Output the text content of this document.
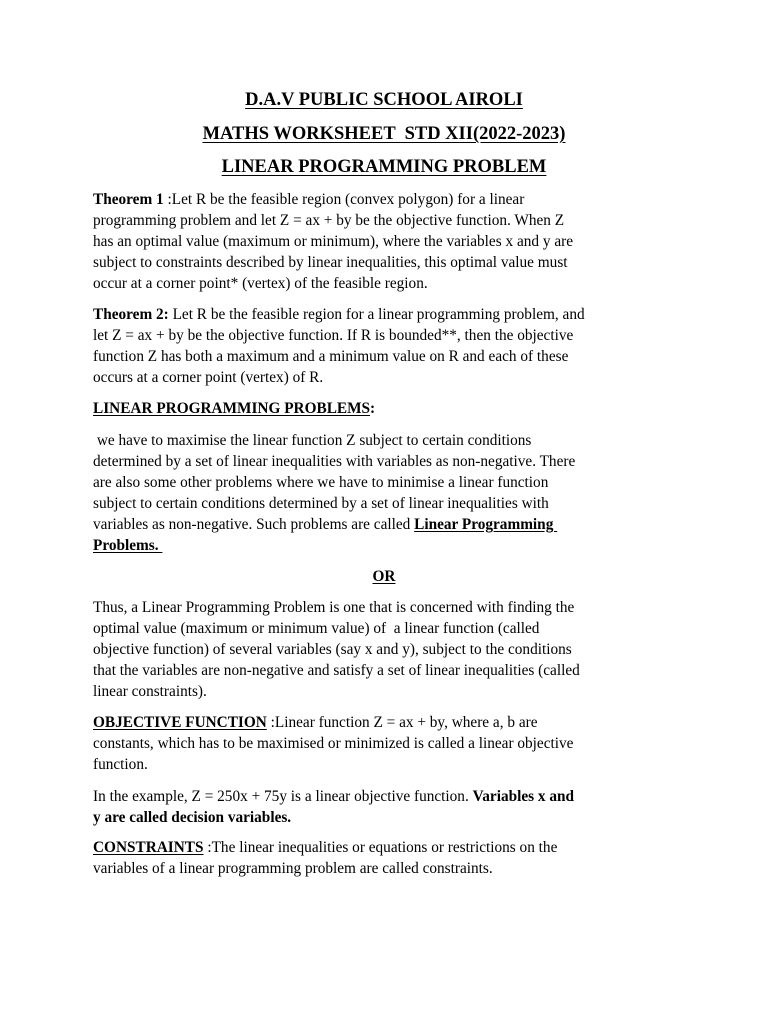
D.A.V PUBLIC SCHOOL AIROLI
MATHS WORKSHEET  STD XII(2022-2023)
LINEAR PROGRAMMING PROBLEM

Theorem 1 :Let R be the feasible region (convex polygon) for a linear

programming problem and let Z = ax + by be the objective function. When Z

has an optimal value (maximum or minimum), where the variables x and y are

subject to constraints described by linear inequalities, this optimal value must

occur at a corner point* (vertex) of the feasible region.

Theorem 2: Let R be the feasible region for a linear programming problem, and

let Z = ax + by be the objective function. If R is bounded**, then the objective

function Z has both a maximum and a minimum value on R and each of these

occurs at a corner point (vertex) of R.

LINEAR PROGRAMMING PROBLEMS:

we have to maximise the linear function Z subject to certain conditions

determined by a set of linear inequalities with variables as non-negative. There

are also some other problems where we have to minimise a linear function

subject to certain conditions determined by a set of linear inequalities with

variables as non-negative. Such problems are called Linear Programming

Problems.

OR

Thus, a Linear Programming Problem is one that is concerned with finding the

optimal value (maximum or minimum value) of  a linear function (called

objective function) of several variables (say x and y), subject to the conditions

that the variables are non-negative and satisfy a set of linear inequalities (called

linear constraints).

OBJECTIVE FUNCTION :Linear function Z = ax + by, where a, b are

constants, which has to be maximised or minimized is called a linear objective

function.

In the example, Z = 250x + 75y is a linear objective function. Variables x and

y are called decision variables.

CONSTRAINTS :The linear inequalities or equations or restrictions on the

variables of a linear programming problem are called constraints.
